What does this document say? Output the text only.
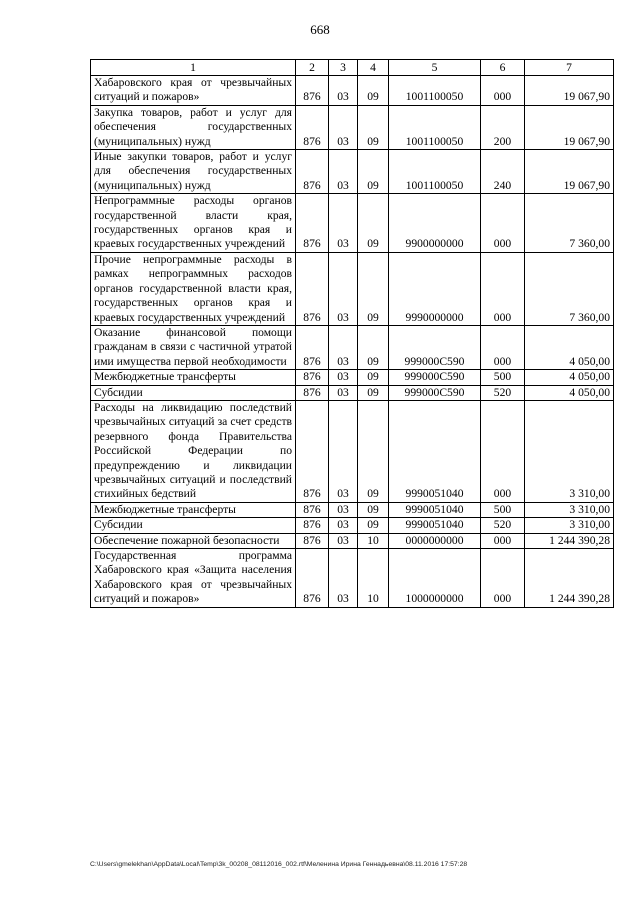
668
1	2	3	4	5	6	7
Хабаровского края от чрезвычайных ситуаций и пожаров»	876	03	09	1001100050	000	19 067,90
Закупка товаров, работ и услуг для обеспечения государственных (муниципальных) нужд	876	03	09	1001100050	200	19 067,90
Иные закупки товаров, работ и услуг для обеспечения государственных (муниципальных) нужд	876	03	09	1001100050	240	19 067,90
Непрограммные расходы органов государственной власти края, государственных органов края и краевых государственных учреждений	876	03	09	9900000000	000	7 360,00
Прочие непрограммные расходы в рамках непрограммных расходов органов государственной власти края, государственных органов края и краевых государственных учреждений	876	03	09	9990000000	000	7 360,00
Оказание финансовой помощи гражданам в связи с частичной утратой ими имущества первой необходимости	876	03	09	999000С590	000	4 050,00
Межбюджетные трансферты	876	03	09	999000С590	500	4 050,00
Субсидии	876	03	09	999000С590	520	4 050,00
Расходы на ликвидацию последствий чрезвычайных ситуаций за счет средств резервного фонда Правительства Российской Федерации по предупреждению и ликвидации чрезвычайных ситуаций и последствий стихийных бедствий	876	03	09	9990051040	000	3 310,00
Межбюджетные трансферты	876	03	09	9990051040	500	3 310,00
Субсидии	876	03	09	9990051040	520	3 310,00
Обеспечение пожарной безопасности	876	03	10	0000000000	000	1 244 390,28
Государственная программа Хабаровского края «Защита населения Хабаровского края от чрезвычайных ситуаций и пожаров»	876	03	10	1000000000	000	1 244 390,28
C:\Users\gmelekhan\AppData\Local\Temp\3k_00208_08112016_002.rtf\Меленина Ирина Геннадьевна\08.11.2016 17:57:28
